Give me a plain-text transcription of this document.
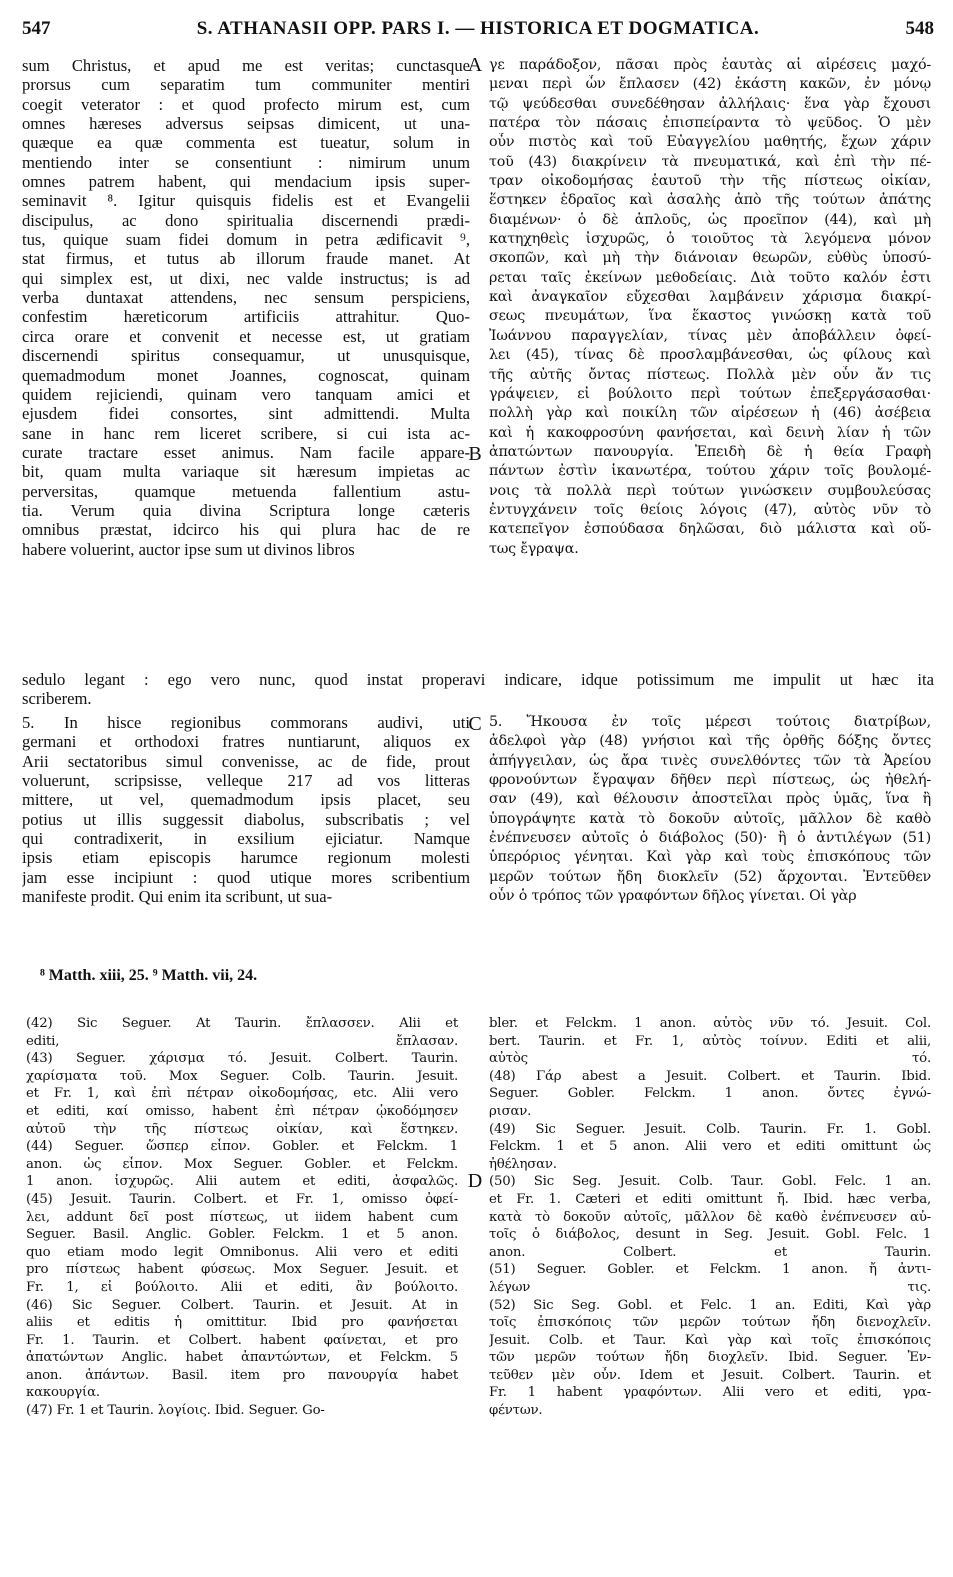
547	S. ATHANASII OPP. PARS I. — HISTORICA ET DOGMATICA.	548
A
B
C
D
sum Christus, et apud me est veritas; cunctasque
prorsus cum separatim tum communiter mentiri
coegit veterator : et quod profecto mirum est, cum
omnes hæreses adversus seipsas dimicent, ut una-
quæque ea quæ commenta est tueatur, solum in
mentiendo inter se consentiunt : nimirum unum
omnes patrem habent, qui mendacium ipsis super-
seminavit ⁸. Igitur quisquis fidelis est et Evangelii
discipulus, ac dono spiritualia discernendi prædi-
tus, quique suam fidei domum in petra ædificavit ⁹,
stat firmus, et tutus ab illorum fraude manet. At
qui simplex est, ut dixi, nec valde instructus; is ad
verba duntaxat attendens, nec sensum perspiciens,
confestim hæreticorum artificiis attrahitur. Quo-
circa orare et convenit et necesse est, ut gratiam
discernendi spiritus consequamur, ut unusquisque,
quemadmodum monet Joannes, cognoscat, quinam
quidem rejiciendi, quinam vero tanquam amici et
ejusdem fidei consortes, sint admittendi. Multa
sane in hanc rem liceret scribere, si cui ista ac-
curate tractare esset animus. Nam facile appare-
bit, quam multa variaque sit hæresum impietas ac
perversitas, quamque metuenda fallentium astu-
tia. Verum quia divina Scriptura longe cæteris
omnibus præstat, idcirco his qui plura hac de re
habere voluerint, auctor ipse sum ut divinos libros
γε παράδοξον, πᾶσαι πρὸς ἑαυτὰς αἱ αἱρέσεις μαχό-
μεναι περὶ ὧν ἔπλασεν (42) ἑκάστη κακῶν, ἐν μόνῳ
τῷ ψεύδεσθαι συνεδέθησαν ἀλλήλαις· ἕνα γὰρ ἔχουσι
πατέρα τὸν πάσαις ἐπισπείραντα τὸ ψεῦδος. Ὁ μὲν
οὖν πιστὸς καὶ τοῦ Εὐαγγελίου μαθητής, ἔχων χάριν
τοῦ (43) διακρίνειν τὰ πνευματικά, καὶ ἐπὶ τὴν πέ-
τραν οἰκοδομήσας ἑαυτοῦ τὴν τῆς πίστεως οἰκίαν,
ἕστηκεν ἑδραῖος καὶ ἀσαλὴς ἀπὸ τῆς τούτων ἀπάτης
διαμένων· ὁ δὲ ἁπλοῦς, ὡς προεῖπον (44), καὶ μὴ
κατηχηθεὶς ἰσχυρῶς, ὁ τοιοῦτος τὰ λεγόμενα μόνον
σκοπῶν, καὶ μὴ τὴν διάνοιαν θεωρῶν, εὐθὺς ὑποσύ-
ρεται ταῖς ἐκείνων μεθοδείαις. Διὰ τοῦτο καλόν ἐστι
καὶ ἀναγκαῖον εὔχεσθαι λαμβάνειν χάρισμα διακρί-
σεως πνευμάτων, ἵνα ἕκαστος γινώσκῃ κατὰ τοῦ
Ἰωάννου παραγγελίαν, τίνας μὲν ἀποβάλλειν ὀφεί-
λει (45), τίνας δὲ προσλαμβάνεσθαι, ὡς φίλους καὶ
τῆς αὐτῆς ὄντας πίστεως. Πολλὰ μὲν οὖν ἄν τις
γράψειεν, εἰ βούλοιτο περὶ τούτων ἐπεξεργάσασθαι·
πολλὴ γὰρ καὶ ποικίλη τῶν αἱρέσεων ἡ (46) ἀσέβεια
καὶ ἡ κακοφροσύνη φανήσεται, καὶ δεινὴ λίαν ἡ τῶν
ἀπατώντων πανουργία. Ἐπειδὴ δὲ ἡ θεία Γραφὴ
πάντων ἐστὶν ἱκανωτέρα, τούτου χάριν τοῖς βουλομέ-
νοις τὰ πολλὰ περὶ τούτων γινώσκειν συμβουλεύσας
ἐντυγχάνειν τοῖς θείοις λόγοις (47), αὐτὸς νῦν τὸ
κατεπεῖγον ἐσπούδασα δηλῶσαι, διὸ μάλιστα καὶ οὕ-
τως ἔγραψα.
sedulo legant : ego vero nunc, quod instat properavi indicare, idque potissimum me impulit ut hæc ita
scriberem.
5. In hisce regionibus commorans audivi, uti
germani et orthodoxi fratres nuntiarunt, aliquos ex
Arii sectatoribus simul convenisse, ac de fide, prout
voluerunt, scripsisse, velleque 217 ad vos litteras
mittere, ut vel, quemadmodum ipsis placet, seu
potius ut illis suggessit diabolus, subscribatis ; vel
qui contradixerit, in exsilium ejiciatur. Namque
ipsis etiam episcopis harumce regionum molesti
jam esse incipiunt : quod utique mores scribentium
manifeste prodit. Qui enim ita scribunt, ut sua-
5. Ἤκουσα ἐν τοῖς μέρεσι τούτοις διατρίβων,
ἀδελφοὶ γὰρ (48) γνήσιοι καὶ τῆς ὀρθῆς δόξης ὄντες
ἀπήγγειλαν, ὡς ἄρα τινὲς συνελθόντες τῶν τὰ Ἀρείου
φρονούντων ἔγραψαν δῆθεν περὶ πίστεως, ὡς ἠθελή-
σαν (49), καὶ θέλουσιν ἀποστεῖλαι πρὸς ὑμᾶς, ἵνα ἢ
ὑπογράψητε κατὰ τὸ δοκοῦν αὐτοῖς, μᾶλλον δὲ καθὸ
ἐνέπνευσεν αὐτοῖς ὁ διάβολος (50)· ἢ ὁ ἀντιλέγων (51)
ὑπερόριος γένηται. Καὶ γὰρ καὶ τοὺς ἐπισκόπους τῶν
μερῶν τούτων ἤδη διοκλεῖν (52) ἄρχονται. Ἐντεῦθεν
οὖν ὁ τρόπος τῶν γραφόντων δῆλος γίνεται. Οἱ γὰρ
⁸ Matth. xiii, 25. ⁹ Matth. vii, 24.
(42) Sic Seguer. At Taurin. ἔπλασσεν. Alii et
editi, ἔπλασαν.
(43) Seguer. χάρισμα τό. Jesuit. Colbert. Taurin.
χαρίσματα τοῦ. Mox Seguer. Colb. Taurin. Jesuit.
et Fr. 1, καὶ ἐπὶ πέτραν οἰκοδομήσας, etc. Alii vero
et editi, καί omisso, habent ἐπὶ πέτραν ᾠκοδόμησεν
αὐτοῦ τὴν τῆς πίστεως οἰκίαν, καὶ ἕστηκεν.
(44) Seguer. ὥσπερ εἶπον. Gobler. et Felckm. 1
anon. ὡς εἶπον. Mox Seguer. Gobler. et Felckm.
1 anon. ἰσχυρῶς. Alii autem et editi, ἀσφαλῶς.
(45) Jesuit. Taurin. Colbert. et Fr. 1, omisso ὀφεί-
λει, addunt δεῖ post πίστεως, ut iidem habent cum
Seguer. Basil. Anglic. Gobler. Felckm. 1 et 5 anon.
quo etiam modo legit Omnibonus. Alii vero et editi
pro πίστεως habent φύσεως. Mox Seguer. Jesuit. et
Fr. 1, εἰ βούλοιτο. Alii et editi, ἂν βούλοιτο.
(46) Sic Seguer. Colbert. Taurin. et Jesuit. At in
aliis et editis ἡ omittitur. Ibid pro φανήσεται
Fr. 1. Taurin. et Colbert. habent φαίνεται, et pro
ἀπατώντων Anglic. habet ἀπαντώντων, et Felckm. 5
anon. ἁπάντων. Basil. item pro πανουργία habet
κακουργία.
(47) Fr. 1 et Taurin. λογίοις. Ibid. Seguer. Go-
bler. et Felckm. 1 anon. αὐτὸς νῦν τό. Jesuit. Col.
bert. Taurin. et Fr. 1, αὐτὸς τοίνυν. Editi et alii,
αὐτὸς τό.
(48) Γάρ abest a Jesuit. Colbert. et Taurin. Ibid.
Seguer. Gobler. Felckm. 1 anon. ὄντες ἐγνώ-
ρισαν.
(49) Sic Seguer. Jesuit. Colb. Taurin. Fr. 1. Gobl.
Felckm. 1 et 5 anon. Alii vero et editi omittunt ὡς
ἠθέλησαν.
(50) Sic Seg. Jesuit. Colb. Taur. Gobl. Felc. 1 an.
et Fr. 1. Cæteri et editi omittunt ἤ. Ibid. hæc verba,
κατὰ τὸ δοκοῦν αὐτοῖς, μᾶλλον δὲ καθὸ ἐνέπνευσεν αὐ-
τοῖς ὁ διάβολος, desunt in Seg. Jesuit. Gobl. Felc. 1
anon. Colbert. et Taurin.
(51) Seguer. Gobler. et Felckm. 1 anon. ἤ ἀντι-
λέγων τις.
(52) Sic Seg. Gobl. et Felc. 1 an. Editi, Καὶ γὰρ
τοῖς ἐπισκόποις τῶν μερῶν τούτων ἤδη διενοχλεῖν.
Jesuit. Colb. et Taur. Καὶ γὰρ καὶ τοῖς ἐπισκόποις
τῶν μερῶν τούτων ἤδη διοχλεῖν. Ibid. Seguer. Ἐν-
τεῦθεν μὲν οὖν. Idem et Jesuit. Colbert. Taurin. et
Fr. 1 habent γραφόντων. Alii vero et editi, γρα-
φέντων.
